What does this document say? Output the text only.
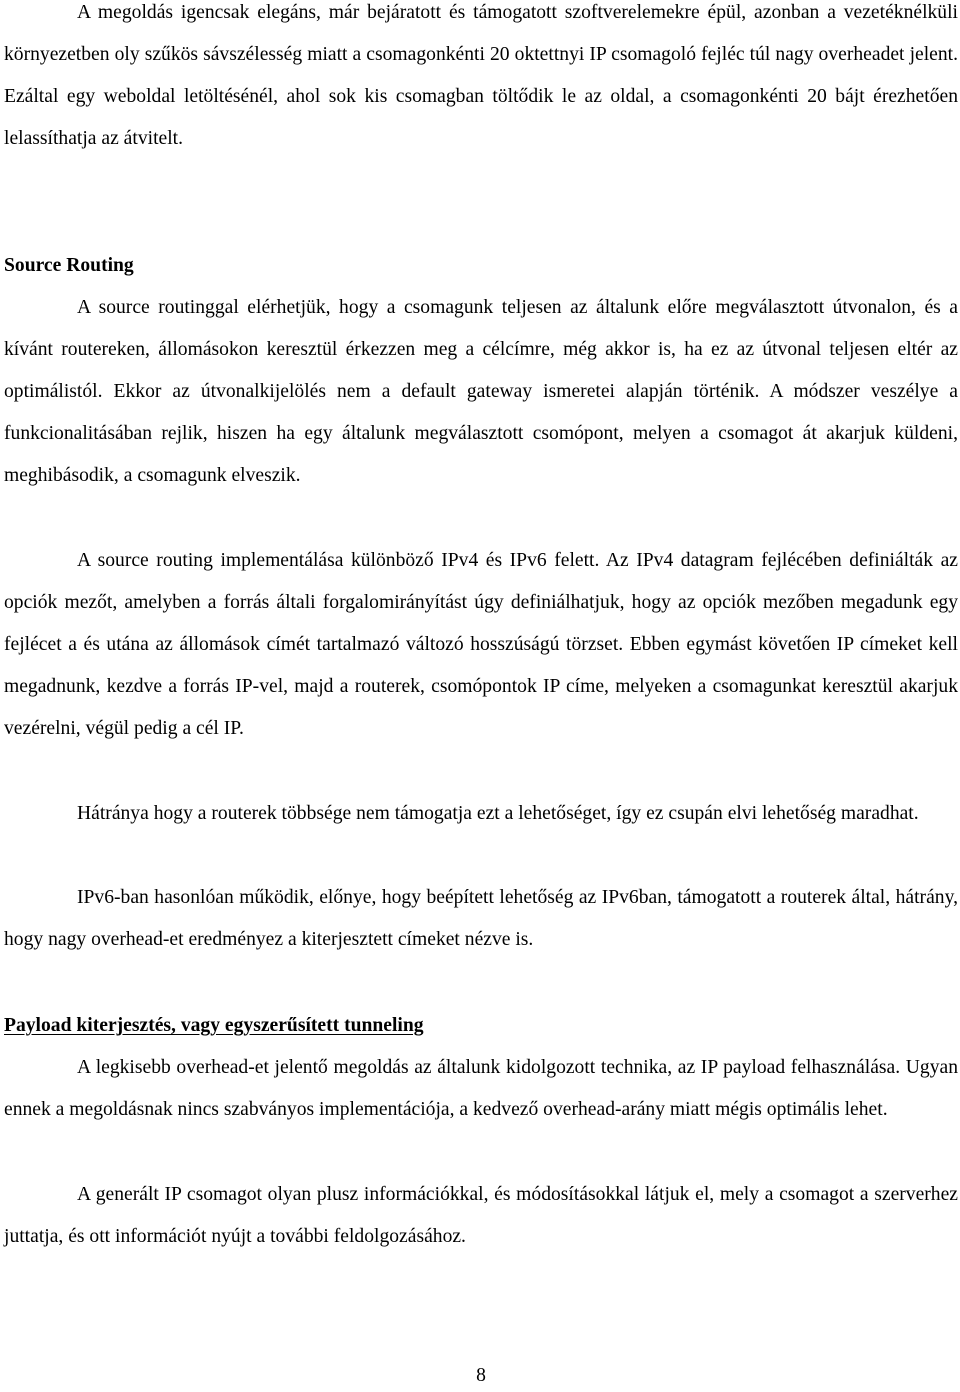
A megoldás igencsak elegáns, már bejáratott és támogatott szoftverelemekre épül, azonban a vezetéknélküli környezetben oly szűkös sávszélesség miatt a csomagonkénti 20 oktettnyi IP csomagoló fejléc túl nagy overheadet jelent. Ezáltal egy weboldal letöltésénél, ahol sok kis csomagban töltődik le az oldal, a csomagonkénti 20 bájt érezhetően lelassíthatja az átvitelt.

Source Routing

A source routinggal elérhetjük, hogy a csomagunk teljesen az általunk előre megválasztott útvonalon, és a kívánt routereken, állomásokon keresztül érkezzen meg a célcímre, még akkor is, ha ez az útvonal teljesen eltér az optimálistól. Ekkor az útvonalkijelölés nem a default gateway ismeretei alapján történik. A módszer veszélye a funkcionalitásában rejlik, hiszen ha egy általunk megválasztott csomópont, melyen a csomagot át akarjuk küldeni, meghibásodik, a csomagunk elveszik.

A source routing implementálása különböző IPv4 és IPv6 felett. Az IPv4 datagram fejlécében definiálták az opciók mezőt, amelyben a forrás általi forgalomirányítást úgy definiálhatjuk, hogy az opciók mezőben megadunk egy fejlécet a és utána az állomások címét tartalmazó változó hosszúságú törzset. Ebben egymást követően IP címeket kell megadnunk, kezdve a forrás IP-vel, majd a routerek, csomópontok IP címe, melyeken a csomagunkat keresztül akarjuk vezérelni, végül pedig a cél IP.

Hátránya hogy a routerek többsége nem támogatja ezt a lehetőséget, így ez csupán elvi lehetőség maradhat.

IPv6-ban hasonlóan működik, előnye, hogy beépített lehetőség az IPv6ban, támogatott a routerek által, hátrány, hogy nagy overhead-et eredményez a kiterjesztett címeket nézve is.

Payload kiterjesztés, vagy egyszerűsített tunneling

A legkisebb overhead-et jelentő megoldás az általunk kidolgozott technika, az IP payload felhasználása. Ugyan ennek a megoldásnak nincs szabványos implementációja, a kedvező overhead-arány miatt mégis optimális lehet.

A generált IP csomagot olyan plusz információkkal, és módosításokkal látjuk el, mely a csomagot a szerverhez juttatja, és ott információt nyújt a további feldolgozásához.

8
